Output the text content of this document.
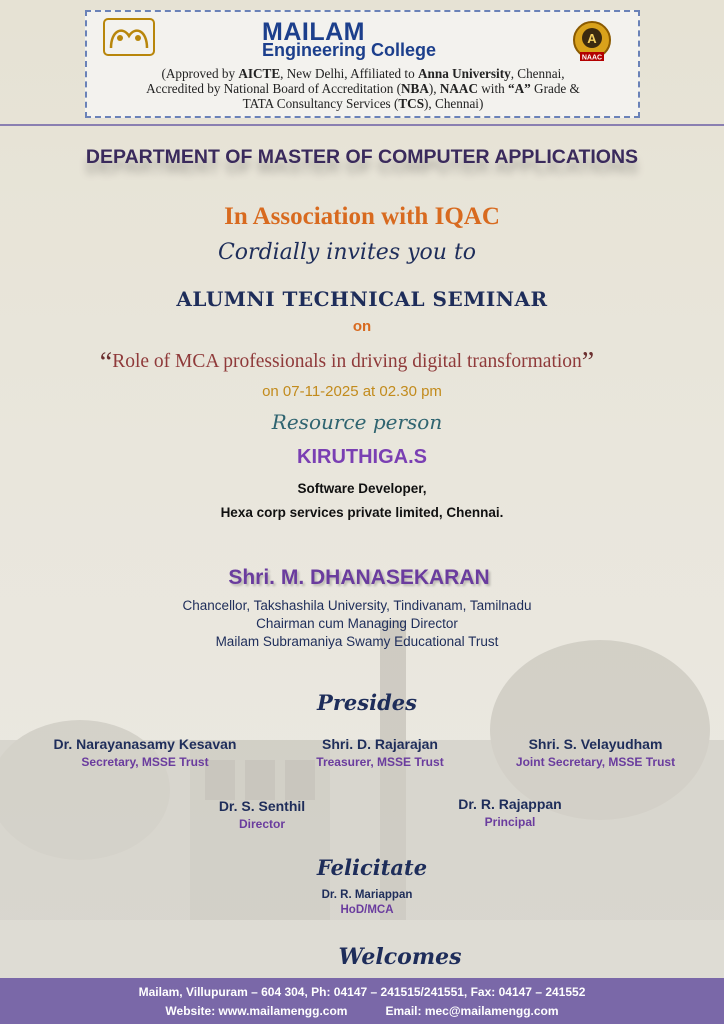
MAILAM
Engineering College
A
NAAC
(Approved by AICTE, New Delhi, Affiliated to Anna University, Chennai,
Accredited by National Board of Accreditation (NBA), NAAC with “A” Grade &
TATA Consultancy Services (TCS), Chennai)
DEPARTMENT OF MASTER OF COMPUTER APPLICATIONS
In Association with IQAC
Cordially invites you to
ALUMNI TECHNICAL SEMINAR
on
“Role of MCA professionals in driving digital transformation”
on 07-11-2025 at 02.30 pm
Resource person
KIRUTHIGA.S
Software Developer,
Hexa corp services private limited, Chennai.
Shri. M. DHANASEKARAN
Chancellor, Takshashila University, Tindivanam, Tamilnadu
Chairman cum Managing Director
Mailam Subramaniya Swamy Educational Trust
Presides
Dr. Narayanasamy Kesavan
Secretary, MSSE Trust
Shri. D. Rajarajan
Treasurer, MSSE Trust
Shri. S. Velayudham
Joint Secretary, MSSE Trust
Dr. S. Senthil
Director
Dr. R. Rajappan
Principal
Felicitate
Dr. R. Mariappan
HoD/MCA
Welcomes
Mailam, Villupuram – 604 304, Ph: 04147 – 241515/241551, Fax: 04147 – 241552
Website: www.mailamengg.com	Email: mec@mailamengg.com
